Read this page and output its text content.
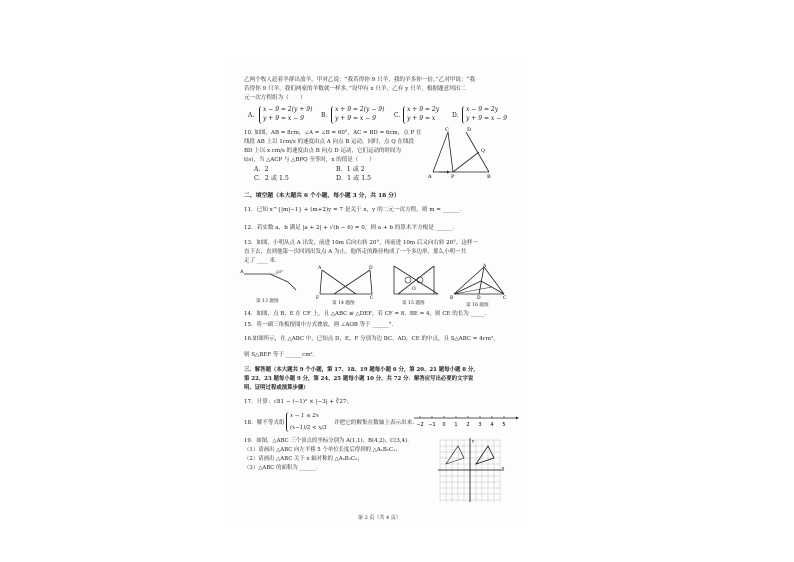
乙两个牧人赶着羊群出放羊，甲对乙说：“我若得你 9 只羊，我的羊多你一倍。”乙对甲说：“我
若得你 9 只羊，我们两家的羊数就一样多。”设甲有 x 只羊，乙有 y 只羊，根据题意列出二
元一次方程组为（　　）
A.
x − 9 = 2(y + 9)
y + 9 = x − 9	B.
x + 9 = 2(y − 9)
y + 9 = x − 9	C.
x + 9 = 2y
y + 9 = x	D.
x − 9 = 2y
y + 9 = x − 9
10. 如图，AB = 8cm，∠A = ∠B = 60°，AC = BD = 6cm，点 P 在
线段 AB 上以 1cm/s 的速度由点 A 向点 B 运动，同时，点 Q 在线段
BD 上以 x cm/s 的速度由点 B 向点 D 运动，它们运动的时间为
t(s)，当 △ACP 与 △BPQ 全等时，x 的值是（　　）
A．2	B．1 或 2
C．2 或 1.5	D．1 或 1.5
C	D
Q
A	P	B
二、填空题（本大题共 6 个小题，每小题 3 分，共 18 分）
11．已知 x^{|m|−1} + (m+2)y = 7 是关于 x，y 的二元一次方程，则 m = ______．
12．若实数 a，b 满足 |a + 2| + √(b − 6) = 0，则 a + b 的算术平方根是 ______．
13．如图，小明从点 A 出发，前进 10m 后向右转 20°，再前进 10m 后又向右转 20°，这样一
直下去，直到他第一次回到出发点 A 为止，他所走的路径构成了一个多边形，那么小明一共
走了 ____ 米．
A	20°
第 13 题图
A	D
F	C
第 14 题图
O
第 15 题图
A
B	D	C
第 16 题图
14．如图，点 B，E 在 CF 上，且 △ABC ≌ △DEF，若 CF = 8，BE = 4，则 CE 的长为 _____．
15．将一副三角板按图中方式叠放，则 ∠AOB 等于 ______°．
16.如图所示，在 △ABC 中，已知点 D，E，F 分别为边 BC，AD，CE 的中点，且 S△ABC = 4cm²，
则 S△BEF 等于 ______cm²．
三、解答题（本大题共 9 个小题，第 17、18、19 题每小题 6 分，第 20、21 题每小题 8 分，
第 22、23 题每小题 9 分，第 24、25 题每小题 10 分，共 72 分．解答应写出必要的文字说
明、证明过程或演算步骤）
17．计算：√81 − (−1)³ × |−3| + ∛27；
18．解不等式组
x − 1 ≤ 2x
(x−1)/2 < x/3
并把它的解集在数轴上表示出来．
−2 −1 0 1 2 3 4 5
19．如图，△ABC 三个顶点的坐标分别为 A(1,1)、B(4,2)、C(3,4)．
（1）请画出 △ABC 向左平移 5 个单位长度后得到的 △A₁B₁C₁；
（2）请画出 △ABC 关于 x 轴对称的 △A₂B₂C₂；
（3）△ABC 的面积为 ______．	x
y
第 2 页（共 4 页）
